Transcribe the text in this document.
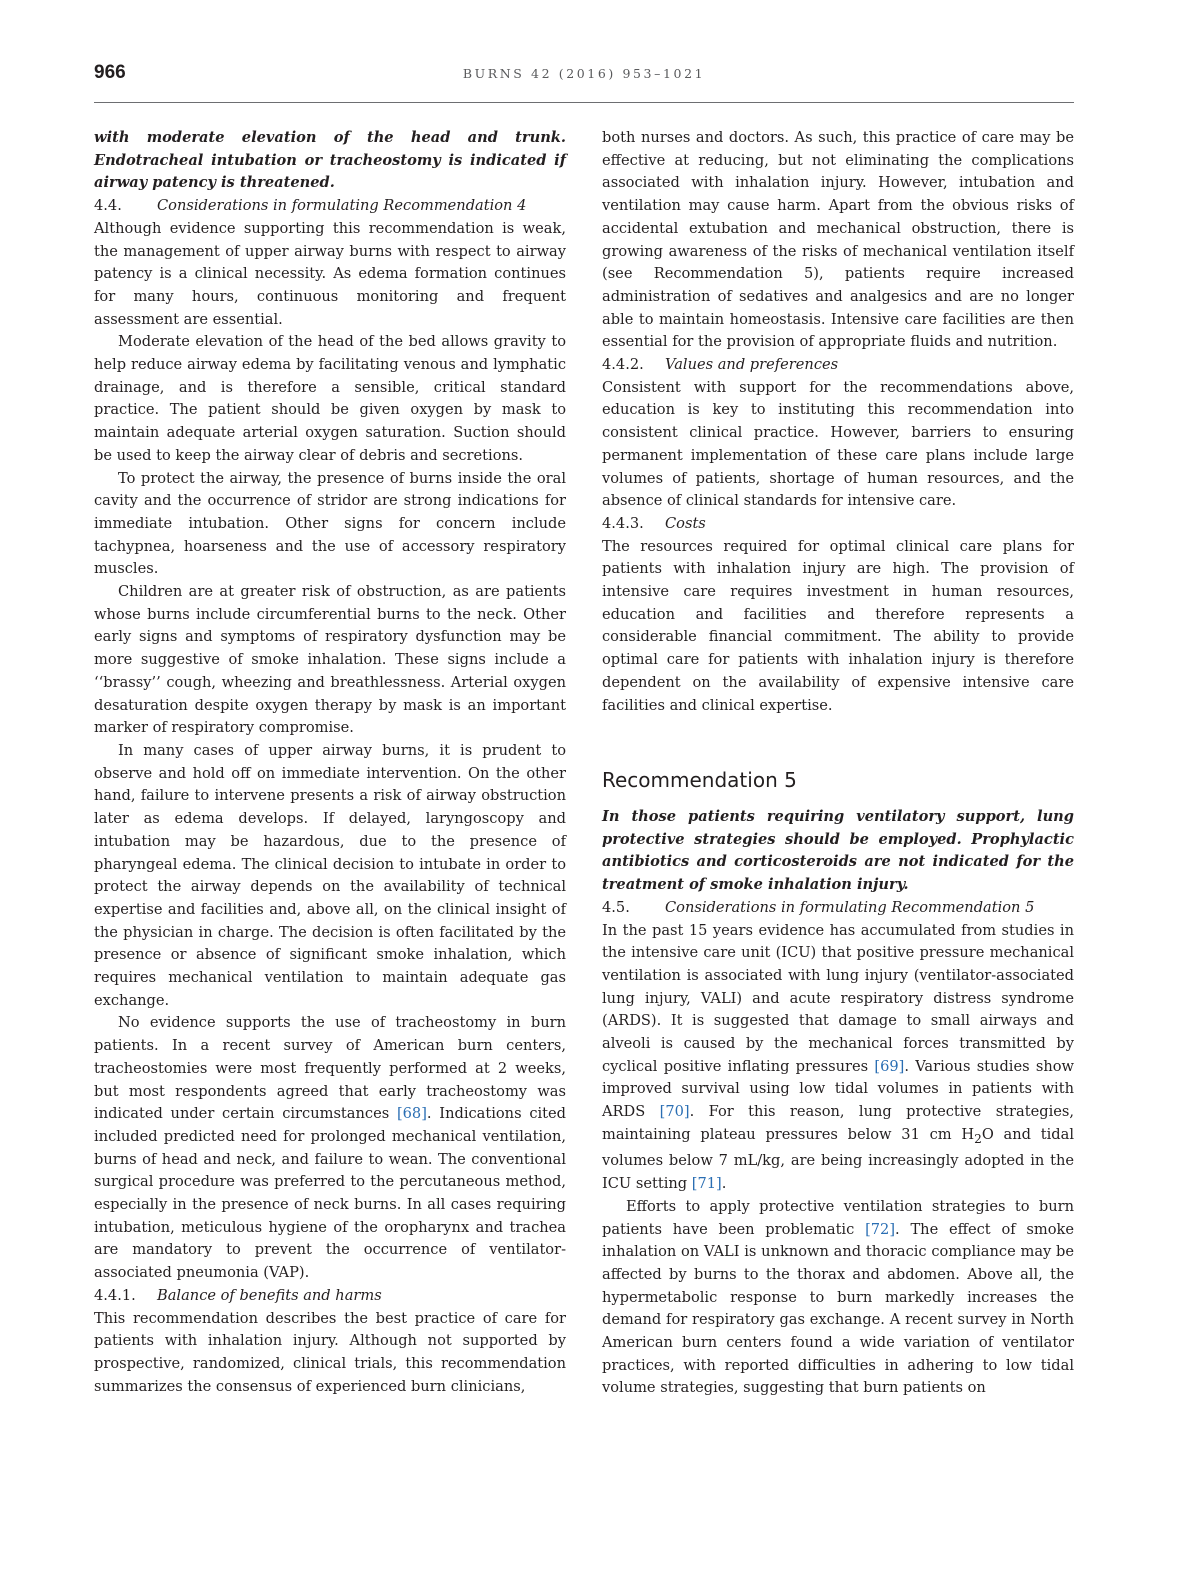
966	BURNS 42 (2016) 953–1021

with moderate elevation of the head and trunk. Endotracheal intubation or tracheostomy is indicated if airway patency is threatened.

4.4. Considerations in formulating Recommendation 4

Although evidence supporting this recommendation is weak, the management of upper airway burns with respect to airway patency is a clinical necessity. As edema formation continues for many hours, continuous monitoring and frequent assessment are essential.

Moderate elevation of the head of the bed allows gravity to help reduce airway edema by facilitating venous and lymphatic drainage, and is therefore a sensible, critical standard practice. The patient should be given oxygen by mask to maintain adequate arterial oxygen saturation. Suction should be used to keep the airway clear of debris and secretions.

To protect the airway, the presence of burns inside the oral cavity and the occurrence of stridor are strong indications for immediate intubation. Other signs for concern include tachypnea, hoarseness and the use of accessory respiratory muscles.

Children are at greater risk of obstruction, as are patients whose burns include circumferential burns to the neck. Other early signs and symptoms of respiratory dysfunction may be more suggestive of smoke inhalation. These signs include a ‘‘brassy’’ cough, wheezing and breathlessness. Arterial oxygen desaturation despite oxygen therapy by mask is an important marker of respiratory compromise.

In many cases of upper airway burns, it is prudent to observe and hold off on immediate intervention. On the other hand, failure to intervene presents a risk of airway obstruction later as edema develops. If delayed, laryngoscopy and intubation may be hazardous, due to the presence of pharyngeal edema. The clinical decision to intubate in order to protect the airway depends on the availability of technical expertise and facilities and, above all, on the clinical insight of the physician in charge. The decision is often facilitated by the presence or absence of significant smoke inhalation, which requires mechanical ventilation to maintain adequate gas exchange.

No evidence supports the use of tracheostomy in burn patients. In a recent survey of American burn centers, tracheostomies were most frequently performed at 2 weeks, but most respondents agreed that early tracheostomy was indicated under certain circumstances [68]. Indications cited included predicted need for prolonged mechanical ventilation, burns of head and neck, and failure to wean. The conventional surgical procedure was preferred to the percutaneous method, especially in the presence of neck burns. In all cases requiring intubation, meticulous hygiene of the oropharynx and trachea are mandatory to prevent the occurrence of ventilator-associated pneumonia (VAP).

4.4.1. Balance of benefits and harms

This recommendation describes the best practice of care for patients with inhalation injury. Although not supported by prospective, randomized, clinical trials, this recommendation summarizes the consensus of experienced burn clinicians,

both nurses and doctors. As such, this practice of care may be effective at reducing, but not eliminating the complications associated with inhalation injury. However, intubation and ventilation may cause harm. Apart from the obvious risks of accidental extubation and mechanical obstruction, there is growing awareness of the risks of mechanical ventilation itself (see Recommendation 5), patients require increased administration of sedatives and analgesics and are no longer able to maintain homeostasis. Intensive care facilities are then essential for the provision of appropriate fluids and nutrition.

4.4.2. Values and preferences

Consistent with support for the recommendations above, education is key to instituting this recommendation into consistent clinical practice. However, barriers to ensuring permanent implementation of these care plans include large volumes of patients, shortage of human resources, and the absence of clinical standards for intensive care.

4.4.3. Costs

The resources required for optimal clinical care plans for patients with inhalation injury are high. The provision of intensive care requires investment in human resources, education and facilities and therefore represents a considerable financial commitment. The ability to provide optimal care for patients with inhalation injury is therefore dependent on the availability of expensive intensive care facilities and clinical expertise.

Recommendation 5

In those patients requiring ventilatory support, lung protective strategies should be employed. Prophylactic antibiotics and corticosteroids are not indicated for the treatment of smoke inhalation injury.

4.5. Considerations in formulating Recommendation 5

In the past 15 years evidence has accumulated from studies in the intensive care unit (ICU) that positive pressure mechanical ventilation is associated with lung injury (ventilator-associated lung injury, VALI) and acute respiratory distress syndrome (ARDS). It is suggested that damage to small airways and alveoli is caused by the mechanical forces transmitted by cyclical positive inflating pressures [69]. Various studies show improved survival using low tidal volumes in patients with ARDS [70]. For this reason, lung protective strategies, maintaining plateau pressures below 31 cm $H_2O$ and tidal volumes below 7 mL/kg, are being increasingly adopted in the ICU setting [71].

Efforts to apply protective ventilation strategies to burn patients have been problematic [72]. The effect of smoke inhalation on VALI is unknown and thoracic compliance may be affected by burns to the thorax and abdomen. Above all, the hypermetabolic response to burn markedly increases the demand for respiratory gas exchange. A recent survey in North American burn centers found a wide variation of ventilator practices, with reported difficulties in adhering to low tidal volume strategies, suggesting that burn patients on
